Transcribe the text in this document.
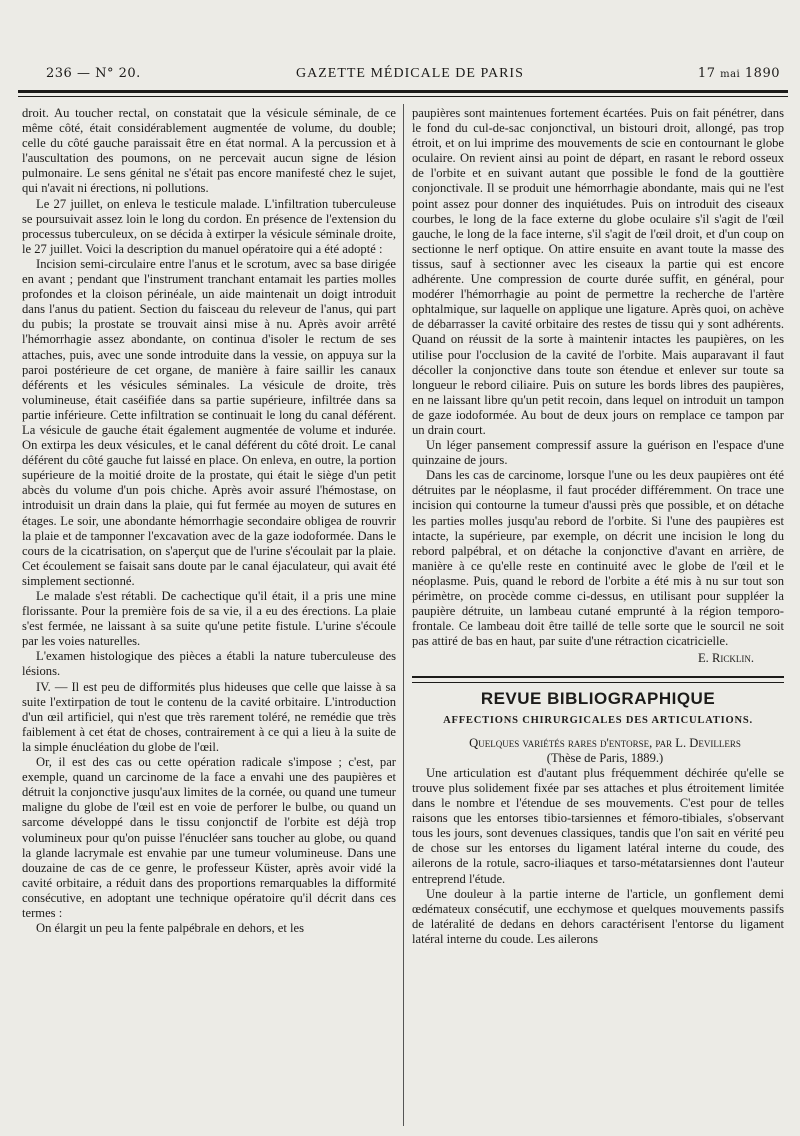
236 — N° 20.	GAZETTE MÉDICALE DE PARIS	17 mai 1890

droit. Au toucher rectal, on constatait que la vésicule séminale, de ce même côté, était considérablement augmentée de volume, du double; celle du côté gauche paraissait être en état normal. A la percussion et à l'auscultation des poumons, on ne percevait aucun signe de lésion pulmonaire. Le sens génital ne s'était pas encore manifesté chez le sujet, qui n'avait ni érections, ni pollutions.

Le 27 juillet, on enleva le testicule malade. L'infiltration tuberculeuse se poursuivait assez loin le long du cordon. En présence de l'extension du processus tuberculeux, on se décida à extirper la vésicule séminale droite, le 27 juillet. Voici la description du manuel opératoire qui a été adopté :

Incision semi-circulaire entre l'anus et le scrotum, avec sa base dirigée en avant ; pendant que l'instrument tranchant entamait les parties molles profondes et la cloison périnéale, un aide maintenait un doigt introduit dans l'anus du patient. Section du faisceau du releveur de l'anus, qui part du pubis; la prostate se trouvait ainsi mise à nu. Après avoir arrêté l'hémorrhagie assez abondante, on continua d'isoler le rectum de ses attaches, puis, avec une sonde introduite dans la vessie, on appuya sur la paroi postérieure de cet organe, de manière à faire saillir les canaux déférents et les vésicules séminales. La vésicule de droite, très volumineuse, était caséifiée dans sa partie supérieure, infiltrée dans sa partie inférieure. Cette infiltration se continuait le long du canal déférent. La vésicule de gauche était également augmentée de volume et indurée. On extirpa les deux vésicules, et le canal déférent du côté droit. Le canal déférent du côté gauche fut laissé en place. On enleva, en outre, la portion supérieure de la moitié droite de la prostate, qui était le siège d'un petit abcès du volume d'un pois chiche. Après avoir assuré l'hémostase, on introduisit un drain dans la plaie, qui fut fermée au moyen de sutures en étages. Le soir, une abondante hémorrhagie secondaire obligea de rouvrir la plaie et de tamponner l'excavation avec de la gaze iodoformée. Dans le cours de la cicatrisation, on s'aperçut que de l'urine s'écoulait par la plaie. Cet écoulement se faisait sans doute par le canal éjaculateur, qui avait été simplement sectionné.

Le malade s'est rétabli. De cachectique qu'il était, il a pris une mine florissante. Pour la première fois de sa vie, il a eu des érections. La plaie s'est fermée, ne laissant à sa suite qu'une petite fistule. L'urine s'écoule par les voies naturelles.

L'examen histologique des pièces a établi la nature tuberculeuse des lésions.

IV. — Il est peu de difformités plus hideuses que celle que laisse à sa suite l'extirpation de tout le contenu de la cavité orbitaire. L'introduction d'un œil artificiel, qui n'est que très rarement toléré, ne remédie que très faiblement à cet état de choses, contrairement à ce qui a lieu à la suite de la simple énucléation du globe de l'œil.

Or, il est des cas ou cette opération radicale s'impose ; c'est, par exemple, quand un carcinome de la face a envahi une des paupières et détruit la conjonctive jusqu'aux limites de la cornée, ou quand une tumeur maligne du globe de l'œil est en voie de perforer le bulbe, ou quand un sarcome développé dans le tissu conjonctif de l'orbite est déjà trop volumineux pour qu'on puisse l'énucléer sans toucher au globe, ou quand la glande lacrymale est envahie par une tumeur volumineuse. Dans une douzaine de cas de ce genre, le professeur Küster, après avoir vidé la cavité orbitaire, a réduit dans des proportions remarquables la difformité consécutive, en adoptant une technique opératoire qu'il décrit dans ces termes :

On élargit un peu la fente palpébrale en dehors, et les

paupières sont maintenues fortement écartées. Puis on fait pénétrer, dans le fond du cul-de-sac conjonctival, un bistouri droit, allongé, pas trop étroit, et on lui imprime des mouvements de scie en contournant le globe oculaire. On revient ainsi au point de départ, en rasant le rebord osseux de l'orbite et en suivant autant que possible le fond de la gouttière conjonctivale. Il se produit une hémorrhagie abondante, mais qui ne l'est point assez pour donner des inquiétudes. Puis on introduit des ciseaux courbes, le long de la face externe du globe oculaire s'il s'agit de l'œil gauche, le long de la face interne, s'il s'agit de l'œil droit, et d'un coup on sectionne le nerf optique. On attire ensuite en avant toute la masse des tissus, sauf à sectionner avec les ciseaux la partie qui est encore adhérente. Une compression de courte durée suffit, en général, pour modérer l'hémorrhagie au point de permettre la recherche de l'artère ophtalmique, sur laquelle on applique une ligature. Après quoi, on achève de débarrasser la cavité orbitaire des restes de tissu qui y sont adhérents. Quand on réussit de la sorte à maintenir intactes les paupières, on les utilise pour l'occlusion de la cavité de l'orbite. Mais auparavant il faut décoller la conjonctive dans toute son étendue et enlever sur toute sa longueur le rebord ciliaire. Puis on suture les bords libres des paupières, en ne laissant libre qu'un petit recoin, dans lequel on introduit un tampon de gaze iodoformée. Au bout de deux jours on remplace ce tampon par un drain court.

Un léger pansement compressif assure la guérison en l'espace d'une quinzaine de jours.

Dans les cas de carcinome, lorsque l'une ou les deux paupières ont été détruites par le néoplasme, il faut procéder différemment. On trace une incision qui contourne la tumeur d'aussi près que possible, et on détache les parties molles jusqu'au rebord de l'orbite. Si l'une des paupières est intacte, la supérieure, par exemple, on décrit une incision le long du rebord palpébral, et on détache la conjonctive d'avant en arrière, de manière à ce qu'elle reste en continuité avec le globe de l'œil et le néoplasme. Puis, quand le rebord de l'orbite a été mis à nu sur tout son périmètre, on procède comme ci-dessus, en utilisant pour suppléer la paupière détruite, un lambeau cutané emprunté à la région temporo-frontale. Ce lambeau doit être taillé de telle sorte que le sourcil ne soit pas attiré de bas en haut, par suite d'une rétraction cicatricielle.

E. Ricklin.
REVUE BIBLIOGRAPHIQUE
AFFECTIONS CHIRURGICALES DES ARTICULATIONS.

Quelques variétés rares d'entorse, par L. Devillers

(Thèse de Paris, 1889.)

Une articulation est d'autant plus fréquemment déchirée qu'elle se trouve plus solidement fixée par ses attaches et plus étroitement limitée dans le nombre et l'étendue de ses mouvements. C'est pour de telles raisons que les entorses tibio-tarsiennes et fémoro-tibiales, s'observant tous les jours, sont devenues classiques, tandis que l'on sait en vérité peu de chose sur les entorses du ligament latéral interne du coude, des ailerons de la rotule, sacro-iliaques et tarso-métatarsiennes dont l'auteur entreprend l'étude.

Une douleur à la partie interne de l'article, un gonflement demi œdémateux consécutif, une ecchymose et quelques mouvements passifs de latéralité de dedans en dehors caractérisent l'entorse du ligament latéral interne du coude. Les ailerons
